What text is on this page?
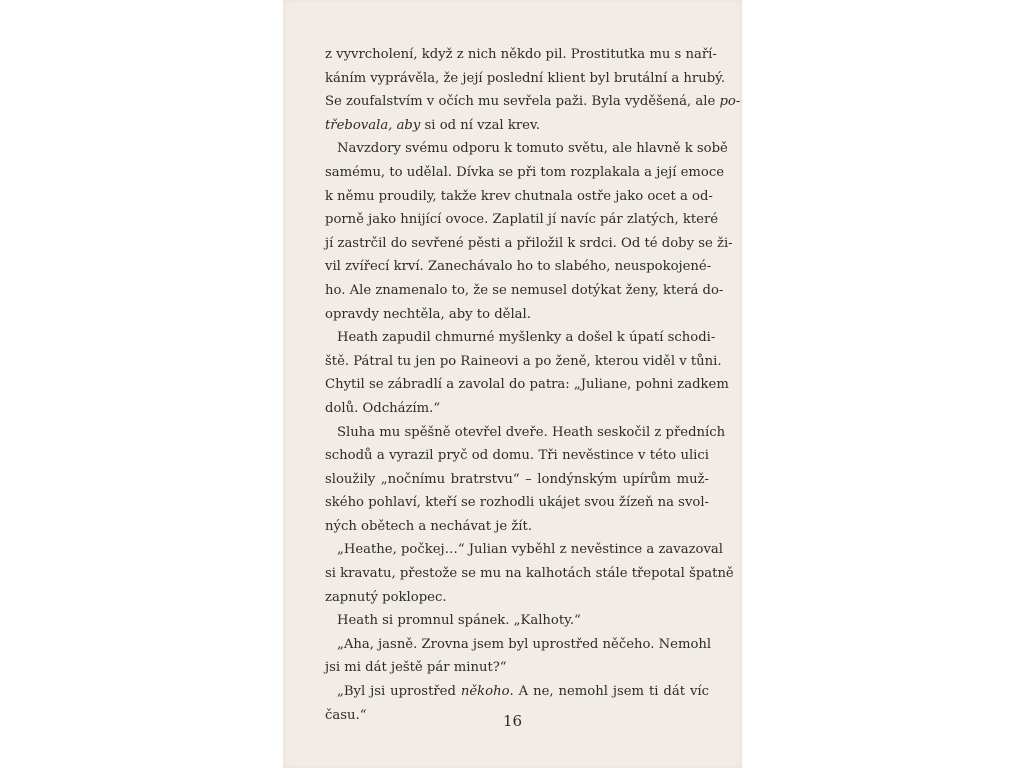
z vyvrcholení, když z nich někdo pil. Prostitutka mu s naří-
káním vyprávěla, že její poslední klient byl brutální a hrubý.
Se zoufalstvím v očích mu sevřela paži. Byla vyděšená, ale po-
třebovala, aby si od ní vzal krev.

Navzdory svému odporu k tomuto světu, ale hlavně k sobě
samému, to udělal. Dívka se při tom rozplakala a její emoce
k němu proudily, takže krev chutnala ostře jako ocet a od-
porně jako hnijící ovoce. Zaplatil jí navíc pár zlatých, které
jí zastrčil do sevřené pěsti a přiložil k srdci. Od té doby se ži-
vil zvířecí krví. Zanechávalo ho to slabého, neuspokojené-
ho. Ale znamenalo to, že se nemusel dotýkat ženy, která do-
opravdy nechtěla, aby to dělal.

Heath zapudil chmurné myšlenky a došel k úpatí schodi-
ště. Pátral tu jen po Raineovi a po ženě, kterou viděl v tůni.
Chytil se zábradlí a zavolal do patra: „Juliane, pohni zadkem
dolů. Odcházím.“

Sluha mu spěšně otevřel dveře. Heath seskočil z předních
schodů a vyrazil pryč od domu. Tři nevěstince v této ulici
sloužily „nočnímu bratrstvu“ – londýnským upírům muž-
ského pohlaví, kteří se rozhodli ukájet svou žízeň na svol-
ných obětech a nechávat je žít.

„Heathe, počkej…“ Julian vyběhl z nevěstince a zavazoval
si kravatu, přestože se mu na kalhotách stále třepotal špatně
zapnutý poklopec.

Heath si promnul spánek. „Kalhoty.“

„Aha, jasně. Zrovna jsem byl uprostřed něčeho. Nemohl
jsi mi dát ještě pár minut?“

„Byl jsi uprostřed někoho. A ne, nemohl jsem ti dát víc
času.“	16
